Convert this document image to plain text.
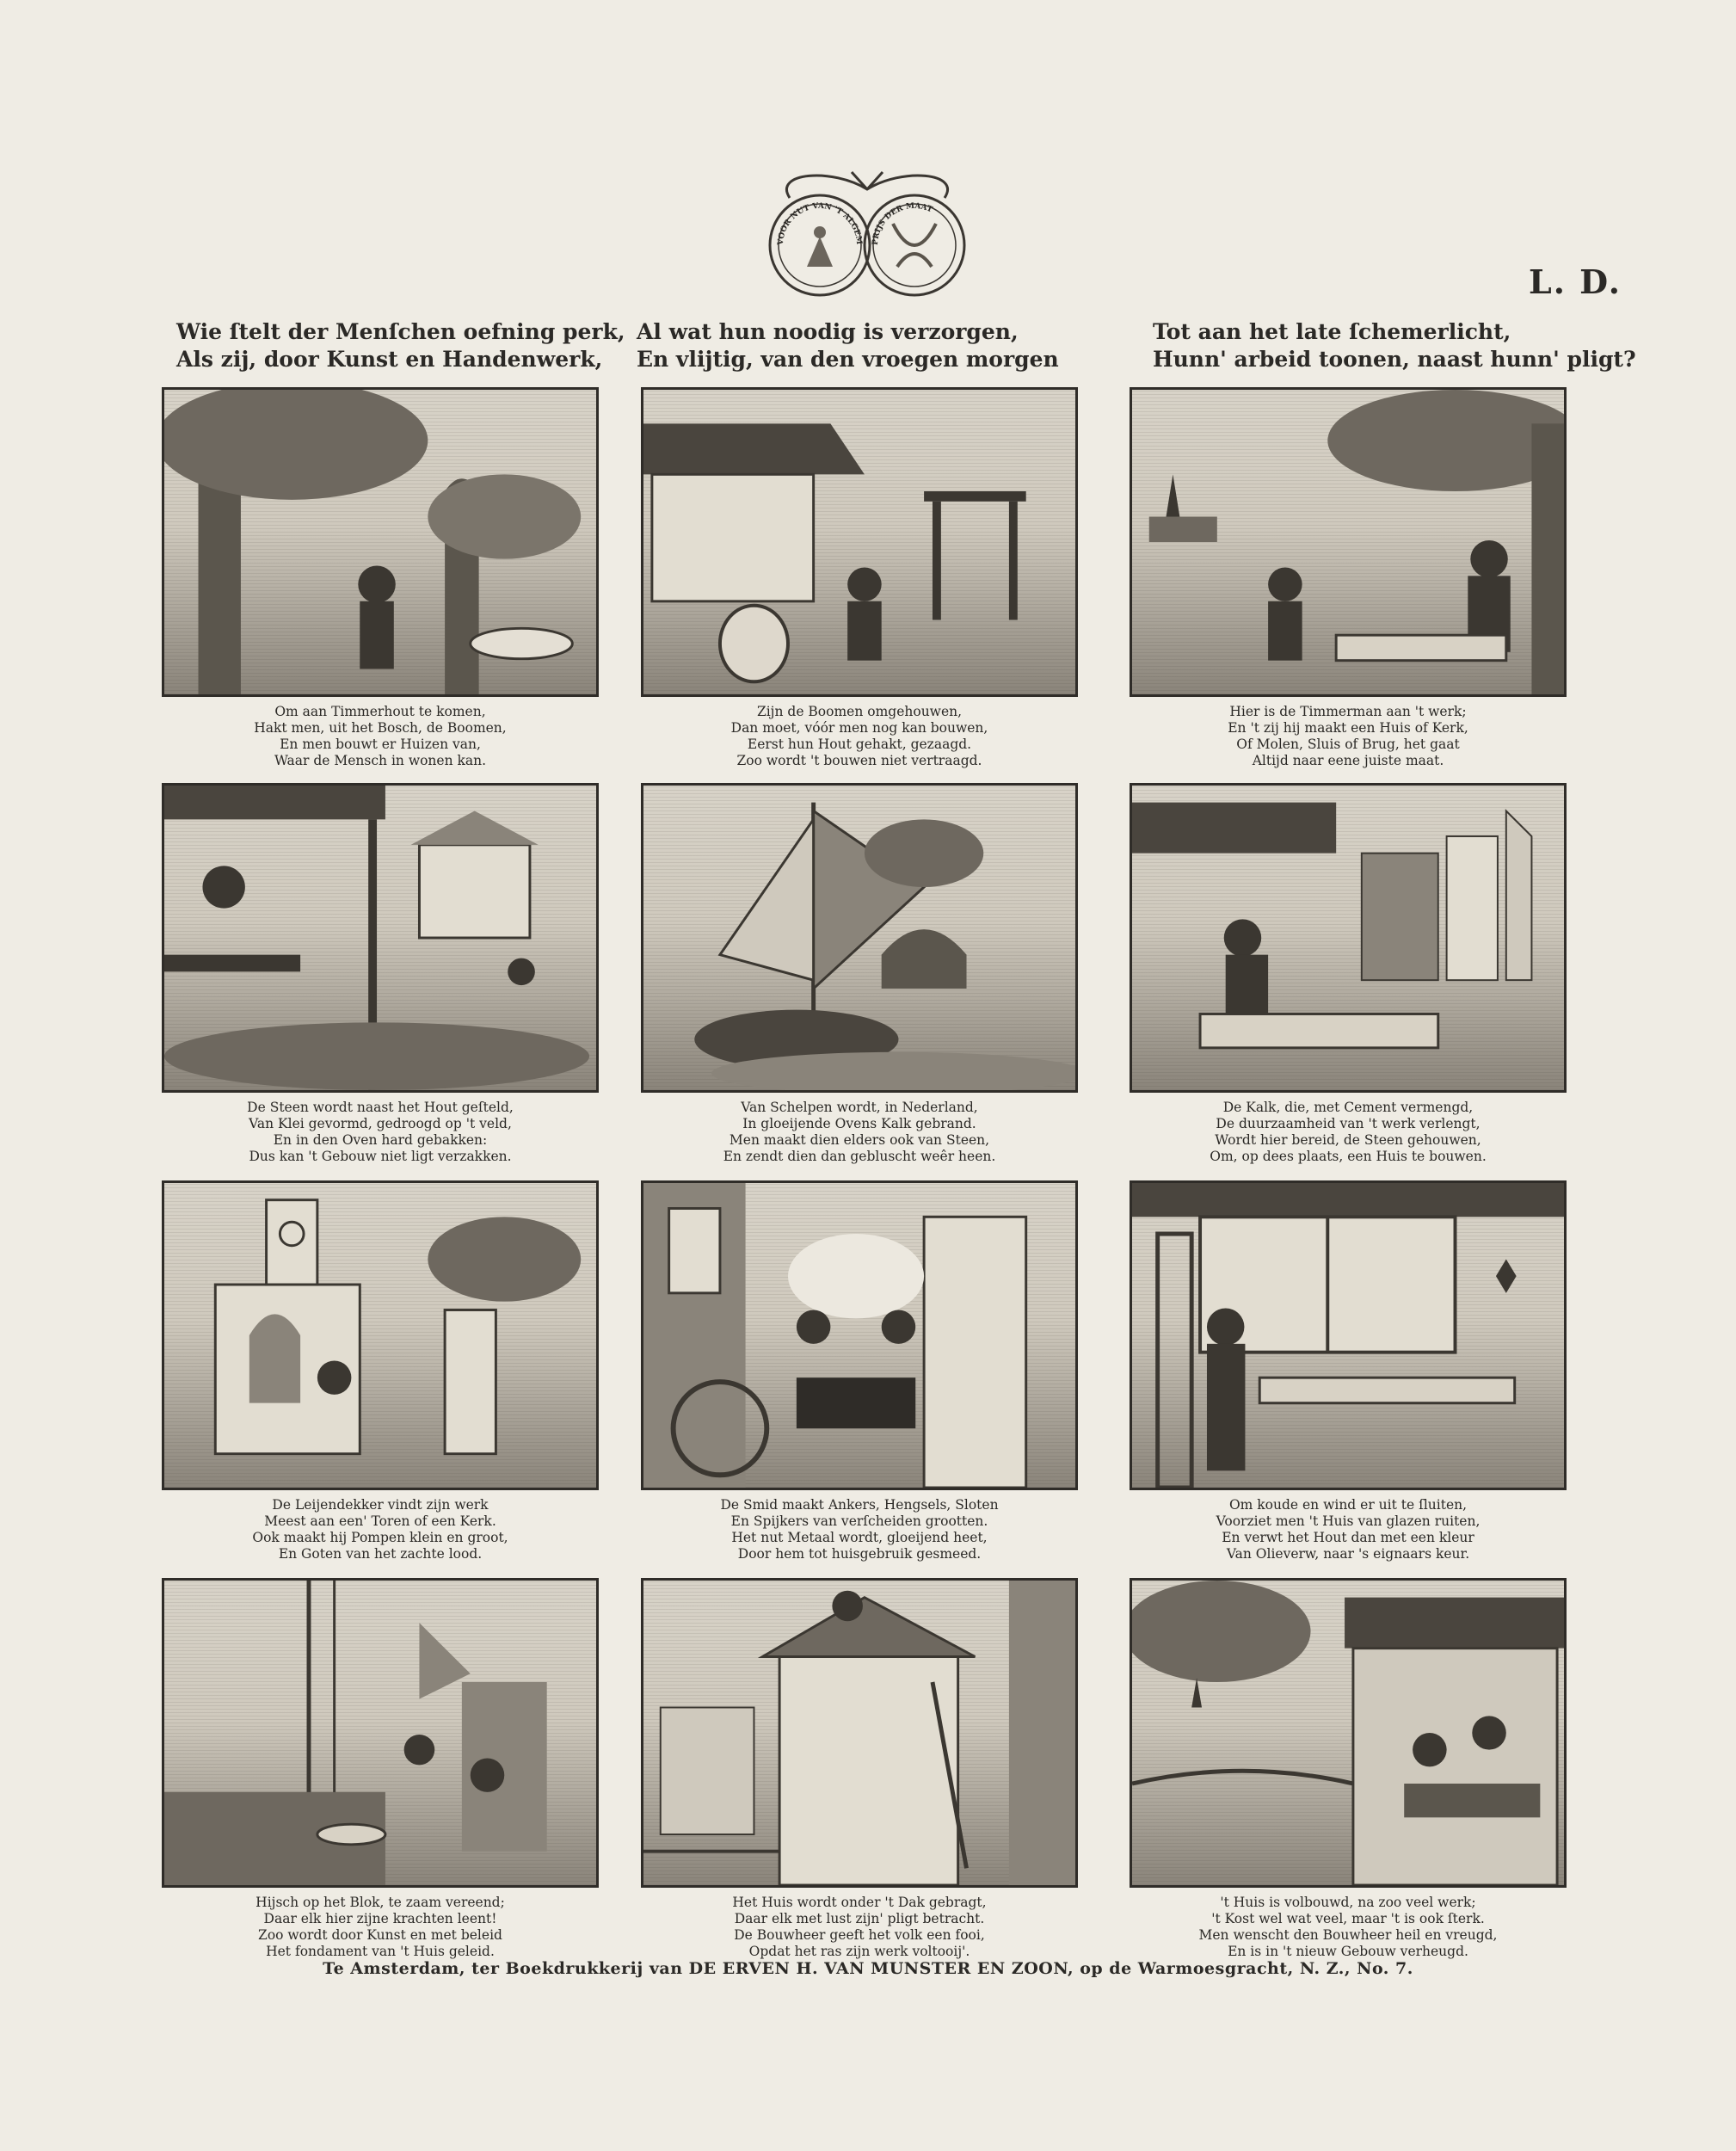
VOOR NUT VAN 'T ALGEM PRIJS DER MAAT
L. D.
Wie ſtelt der Menſchen oefning perk,
Als zij, door Kunst en Handenwerk,
Al wat hun noodig is verzorgen,
En vlijtig, van den vroegen morgen
Tot aan het late ſchemerlicht,
Hunn' arbeid toonen, naast hunn' pligt?
Om aan Timmerhout te komen,
Hakt men, uit het Bosch, de Boomen,
En men bouwt er Huizen van,
Waar de Mensch in wonen kan.
Zijn de Boomen omgehouwen,
Dan moet, vóór men nog kan bouwen,
Eerst hun Hout gehakt, gezaagd.
Zoo wordt 't bouwen niet vertraagd.
Hier is de Timmerman aan 't werk;
En 't zij hij maakt een Huis of Kerk,
Of Molen, Sluis of Brug, het gaat
Altijd naar eene juiste maat.
De Steen wordt naast het Hout geſteld,
Van Klei gevormd, gedroogd op 't veld,
En in den Oven hard gebakken:
Dus kan 't Gebouw niet ligt verzakken.
Van Schelpen wordt, in Nederland,
In gloeijende Ovens Kalk gebrand.
Men maakt dien elders ook van Steen,
En zendt dien dan gebluscht weêr heen.
De Kalk, die, met Cement vermengd,
De duurzaamheid van 't werk verlengt,
Wordt hier bereid, de Steen gehouwen,
Om, op dees plaats, een Huis te bouwen.
De Leijendekker vindt zijn werk
Meest aan een' Toren of een Kerk.
Ook maakt hij Pompen klein en groot,
En Goten van het zachte lood.
De Smid maakt Ankers, Hengsels, Sloten
En Spijkers van verſcheiden grootten.
Het nut Metaal wordt, gloeijend heet,
Door hem tot huisgebruik gesmeed.
Om koude en wind er uit te ſluiten,
Voorziet men 't Huis van glazen ruiten,
En verwt het Hout dan met een kleur
Van Olieverw, naar 's eignaars keur.
Hijsch op het Blok, te zaam vereend;
Daar elk hier zijne krachten leent!
Zoo wordt door Kunst en met beleid
Het fondament van 't Huis geleid.
Het Huis wordt onder 't Dak gebragt,
Daar elk met lust zijn' pligt betracht.
De Bouwheer geeft het volk een fooi,
Opdat het ras zijn werk voltooij'.
't Huis is volbouwd, na zoo veel werk;
't Kost wel wat veel, maar 't is ook ſterk.
Men wenscht den Bouwheer heil en vreugd,
En is in 't nieuw Gebouw verheugd.
Te Amsterdam, ter Boekdrukkerij van DE ERVEN H. VAN MUNSTER EN ZOON, op de Warmoesgracht, N. Z., No. 7.
